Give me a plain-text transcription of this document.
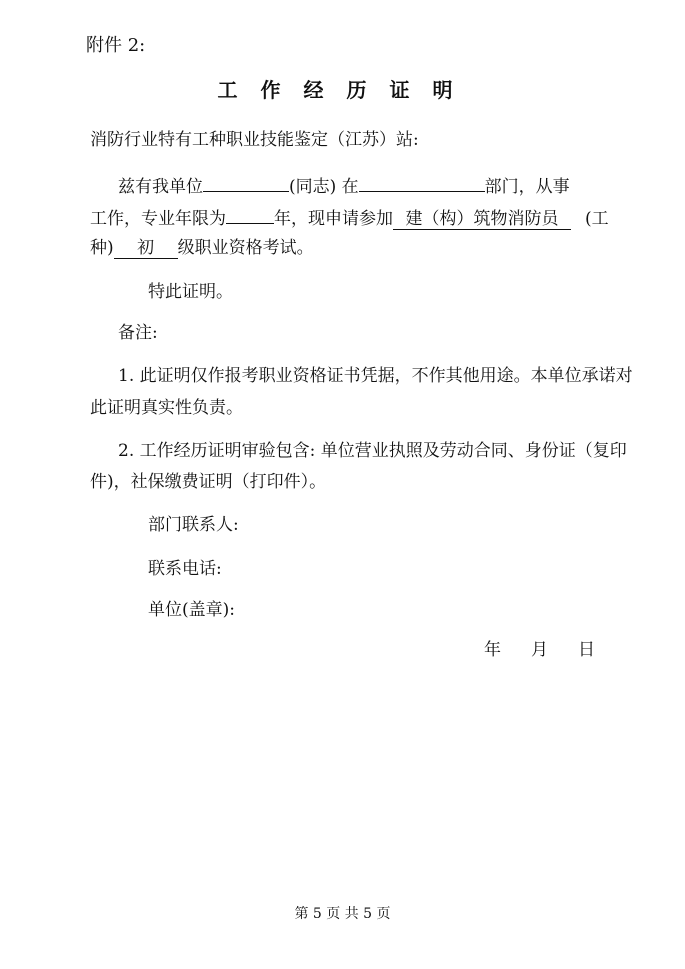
附件 2:
工作经历证明
消防行业特有工种职业技能鉴定（江苏）站:
兹有我单位	(同志) 在	部门，从事
工作，专业年限为	年，现申请参加 建（构）筑物消防员 (工
种) 初 级职业资格考试。
特此证明。
备注:
1. 此证明仅作报考职业资格证书凭据，不作其他用途。本单位承诺对
此证明真实性负责。
2. 工作经历证明审验包含: 单位营业执照及劳动合同、身份证（复印
件)，社保缴费证明（打印件）。
部门联系人:
联系电话:
单位(盖章):
年 月 日
第 5 页 共 5 页
